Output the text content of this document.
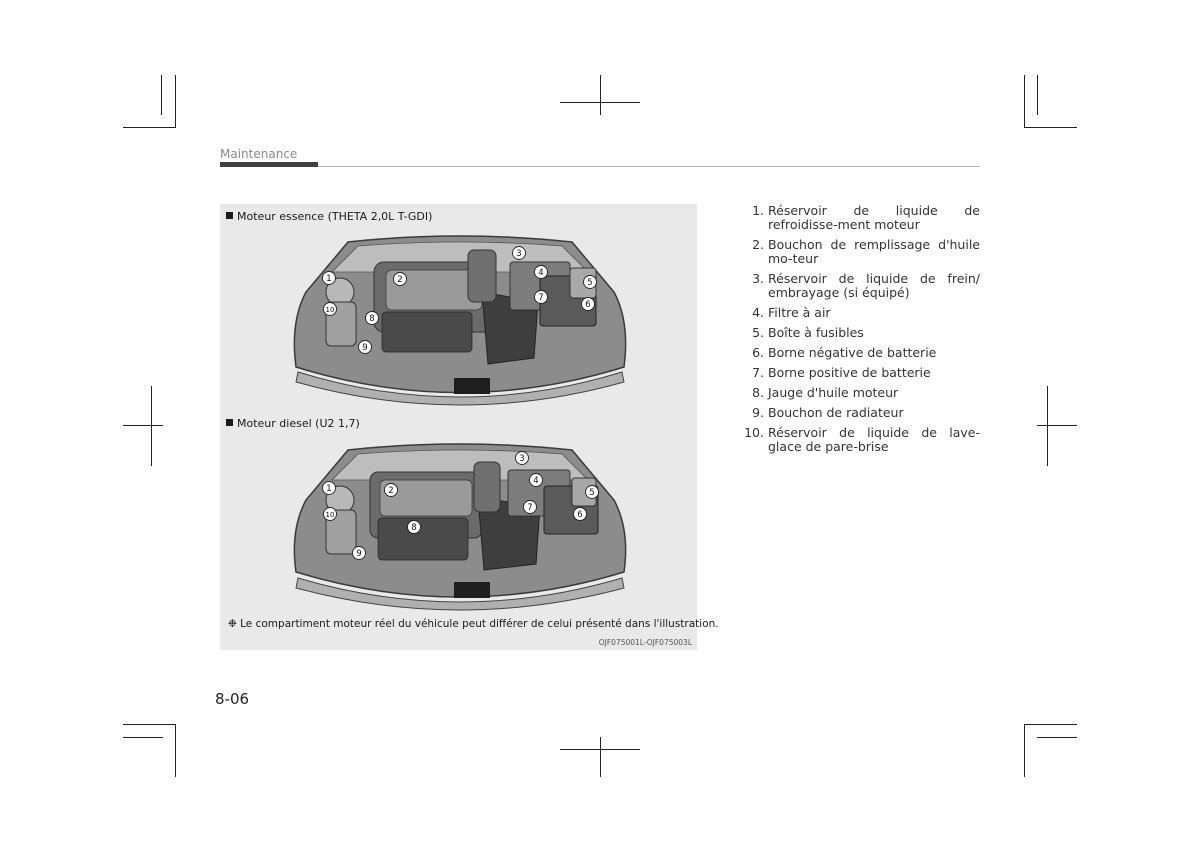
Maintenance
Moteur essence (THETA 2,0L T-GDI)
1	2
3
4
5
6
7
8
9
10
Moteur diesel (U2 1,7)
1	2
3
4
5
6
7
8
9
10
❉ Le compartiment moteur réel du véhicule peut différer de celui présenté dans l'illustration.
OJF075001L-OJF075003L
1. Réservoir de liquide de refroidisse-ment moteur
2. Bouchon de remplissage d'huile mo-teur
3. Réservoir de liquide de frein/ embrayage (si équipé)
4. Filtre à air
5. Boîte à fusibles
6. Borne négative de batterie
7. Borne positive de batterie
8. Jauge d'huile moteur
9. Bouchon de radiateur
10. Réservoir de liquide de lave-glace de pare-brise
8-06
